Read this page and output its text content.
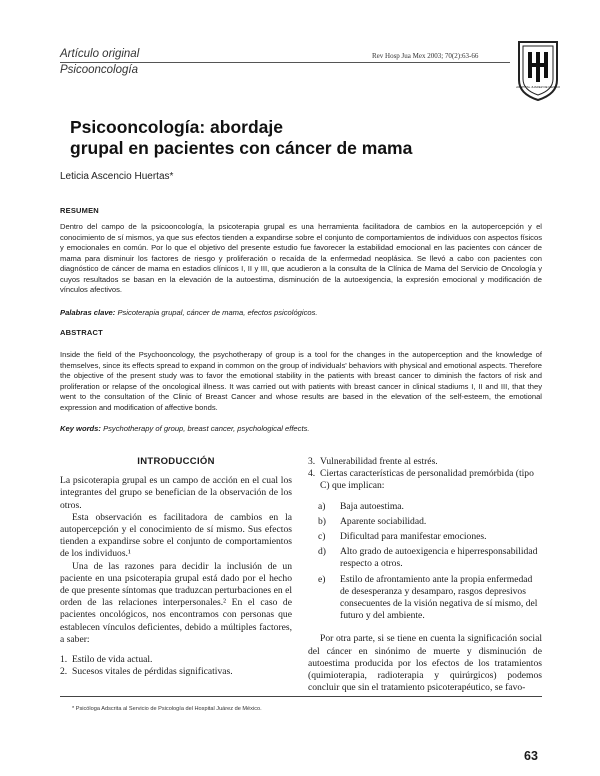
Artículo original
Psicooncología
Rev Hosp Jua Mex 2003; 70(2):63-66
HOSPITAL JUAREZ DE MEXICO
Psicooncología: abordaje
grupal en pacientes con cáncer de mama
Leticia Ascencio Huertas*
RESUMEN
Dentro del campo de la psicooncología, la psicoterapia grupal es una herramienta facilitadora de cambios en la autopercepción y el conocimiento de sí mismos, ya que sus efectos tienden a expandirse sobre el conjunto de comportamientos de individuos con aspectos físicos y emocionales en común. Por lo que el objetivo del presente estudio fue favorecer la estabilidad emocional en las pacientes con cáncer de mama para disminuir los factores de riesgo y proliferación o recaída de la enfermedad neoplásica. Se llevó a cabo con pacientes con diagnóstico de cáncer de mama en estadios clínicos I, II y III, que acudieron a la consulta de la Clínica de Mama del Servicio de Oncología y cuyos resultados se basan en la elevación de la autoestima, disminución de la autoexigencia, la expresión emocional y modificación de vínculos afectivos.
Palabras clave: Psicoterapia grupal, cáncer de mama, efectos psicológicos.
ABSTRACT
Inside the field of the Psychooncology, the psychotherapy of group is a tool for the changes in the autoperception and the knowledge of themselves, since its effects spread to expand in common on the group of individuals' behaviors with physical and emotional aspects. Therefore the objective of the present study was to favor the emotional stability in the patients with breast cancer to diminish the factors of risk and proliferation or relapse of the oncological illness. It was carried out with patients with breast cancer in clinical stadiums I, II and III, that they went to the consultation of the Clinic of Breast Cancer and whose results are based in the elevation of the self-esteem, the emotional expression and modification of affective bonds.
Key words: Psychotherapy of group, breast cancer, psychological effects.
INTRODUCCIÓN

La psicoterapia grupal es un campo de acción en el cual los integrantes del grupo se benefician de la observación de los otros.

Esta observación es facilitadora de cambios en la autopercepción y el conocimiento de sí mismo. Sus efectos tienden a expandirse sobre el conjunto de comportamientos de los individuos.¹

Una de las razones para decidir la inclusión de un paciente en una psicoterapia grupal está dado por el hecho de que presente síntomas que traduzcan perturbaciones en el orden de las relaciones interpersonales.² En el caso de pacientes oncológicos, nos encontramos con personas que establecen vínculos deficientes, debido a múltiples factores, a saber:

1. Estilo de vida actual.
2. Sucesos vitales de pérdidas significativas.
3. Vulnerabilidad frente al estrés.
4. Ciertas características de personalidad premórbida (tipo C) que implican:
a)	Baja autoestima.
b)	Aparente sociabilidad.
c)	Dificultad para manifestar emociones.
d)	Alto grado de autoexigencia e hiperresponsabilidad respecto a otros.
e)	Estilo de afrontamiento ante la propia enfermedad de desesperanza y desamparo, rasgos depresivos consecuentes de la visión negativa de sí mismo, del futuro y del ambiente.

Por otra parte, si se tiene en cuenta la significación social del cáncer en sinónimo de muerte y disminución de autoestima producida por los efectos de los tratamientos (quimioterapia, radioterapia y quirúrgicos) podemos concluir que sin el tratamiento psicoterapéutico, se favo-

* Psicóloga Adscrita al Servicio de Psicología del Hospital Juárez de México.
63
